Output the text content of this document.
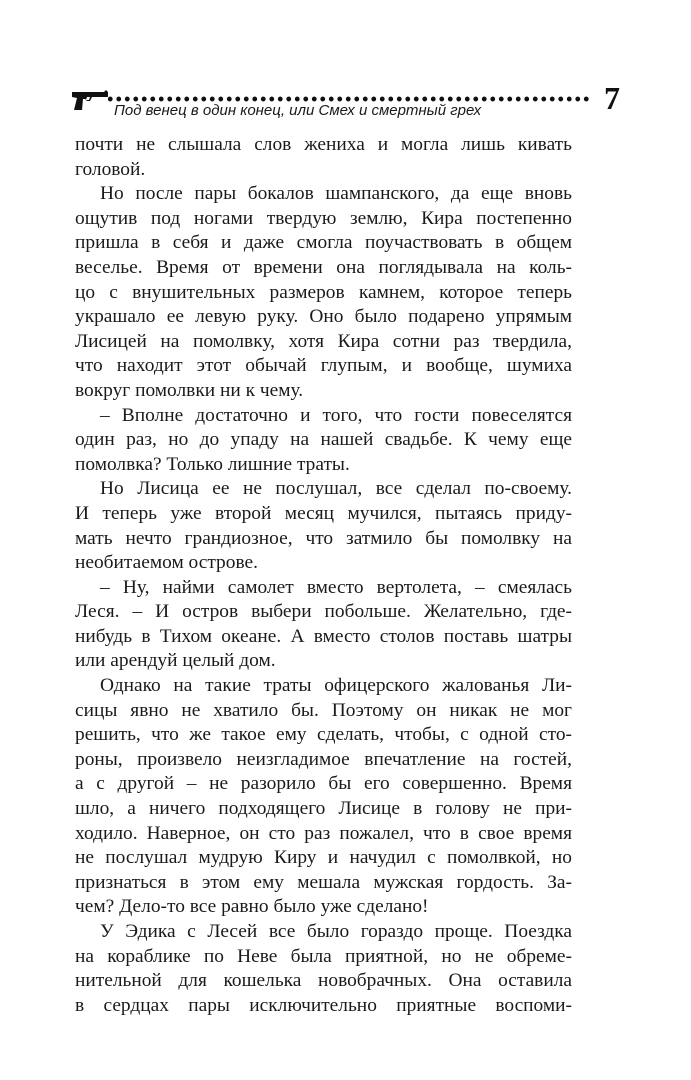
Под венец в один конец, или Смех и смертный грех	7
почти не слышала слов жениха и могла лишь кивать
головой.
Но после пары бокалов шампанского, да еще вновь
ощутив под ногами твердую землю, Кира постепенно
пришла в себя и даже смогла поучаствовать в общем
веселье. Время от времени она поглядывала на коль-
цо с внушительных размеров камнем, которое теперь
украшало ее левую руку. Оно было подарено упрямым
Лисицей на помолвку, хотя Кира сотни раз твердила,
что находит этот обычай глупым, и вообще, шумиха
вокруг помолвки ни к чему.
– Вполне достаточно и того, что гости повеселятся
один раз, но до упаду на нашей свадьбе. К чему еще
помолвка? Только лишние траты.
Но Лисица ее не послушал, все сделал по-своему.
И теперь уже второй месяц мучился, пытаясь приду-
мать нечто грандиозное, что затмило бы помолвку на
необитаемом острове.
– Ну, найми самолет вместо вертолета, – смеялась
Леся. – И остров выбери побольше. Желательно, где-
нибудь в Тихом океане. А вместо столов поставь шатры
или арендуй целый дом.
Однако на такие траты офицерского жалованья Ли-
сицы явно не хватило бы. Поэтому он никак не мог
решить, что же такое ему сделать, чтобы, с одной сто-
роны, произвело неизгладимое впечатление на гостей,
а с другой – не разорило бы его совершенно. Время
шло, а ничего подходящего Лисице в голову не при-
ходило. Наверное, он сто раз пожалел, что в свое время
не послушал мудрую Киру и начудил с помолвкой, но
признаться в этом ему мешала мужская гордость. За-
чем? Дело-то все равно было уже сделано!
У Эдика с Лесей все было гораздо проще. Поездка
на кораблике по Неве была приятной, но не обреме-
нительной для кошелька новобрачных. Она оставила
в сердцах пары исключительно приятные воспоми-
